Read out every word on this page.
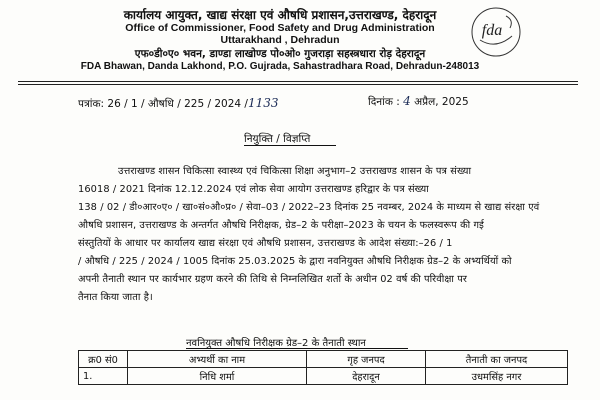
कार्यालय आयुक्त, खाद्य संरक्षा एवं औषधि प्रशासन,उत्तराखण्ड, देहरादून
Office of Commissioner, Food Safety and Drug Administration
Uttarakhand , Dehradun
एफ०डी०ए० भवन, डाण्डा लाखोण्ड पो०ओ० गुजराड़ा सहस्त्रधारा रोड़ देहरादून
FDA Bhawan, Danda Lakhond, P.O. Gujrada, Sahastradhara Road, Dehradun-248013
fda
पत्रांक: 26 / 1 / औषधि / 225 / 2024 /1133	दिनांक : 4 अप्रैल, 2025
नियुक्ति / विज्ञप्ति
उत्तराखण्ड शासन चिकित्सा स्वास्थ्य एवं चिकित्सा शिक्षा अनुभाग–2 उत्तराखण्ड शासन के पत्र संख्या
16018 / 2021 दिनांक 12.12.2024 एवं लोक सेवा आयोग उत्तराखण्ड हरिद्वार के पत्र संख्या
138 / 02 / डी०आर०ए० / खा०सं०औ०प्र० / सेवा–03 / 2022–23 दिनांक 25 नवम्बर, 2024 के माध्यम से खाद्य संरक्षा एवं
औषधि प्रशासन, उत्तराखण्ड के अन्तर्गत औषधि निरीक्षक, ग्रेड–2 के परीक्षा–2023 के चयन के फलस्वरूप की गई
संस्तुतियों के आधार पर कार्यालय खाद्य संरक्षा एवं औषधि प्रशासन, उत्तराखण्ड के आदेश संख्या:–26 / 1
/ औषधि / 225 / 2024 / 1005 दिनांक 25.03.2025 के द्वारा नवनियुक्त औषधि निरीक्षक ग्रेड–2 के अभ्यर्थियों को
अपनी तैनाती स्थान पर कार्यभार ग्रहण करने की तिथि से निम्नलिखित शर्तो के अधीन 02 वर्ष की परिवीक्षा पर
तैनात किया जाता है।
नवनियुक्त औषधि निरीक्षक ग्रेड–2 के तैनाती स्थान
क्र0 सं0	अभ्यर्थी का नाम	गृह जनपद	तैनाती का जनपद
1.	निधि शर्मा	देहरादून	उधमसिंह नगर
